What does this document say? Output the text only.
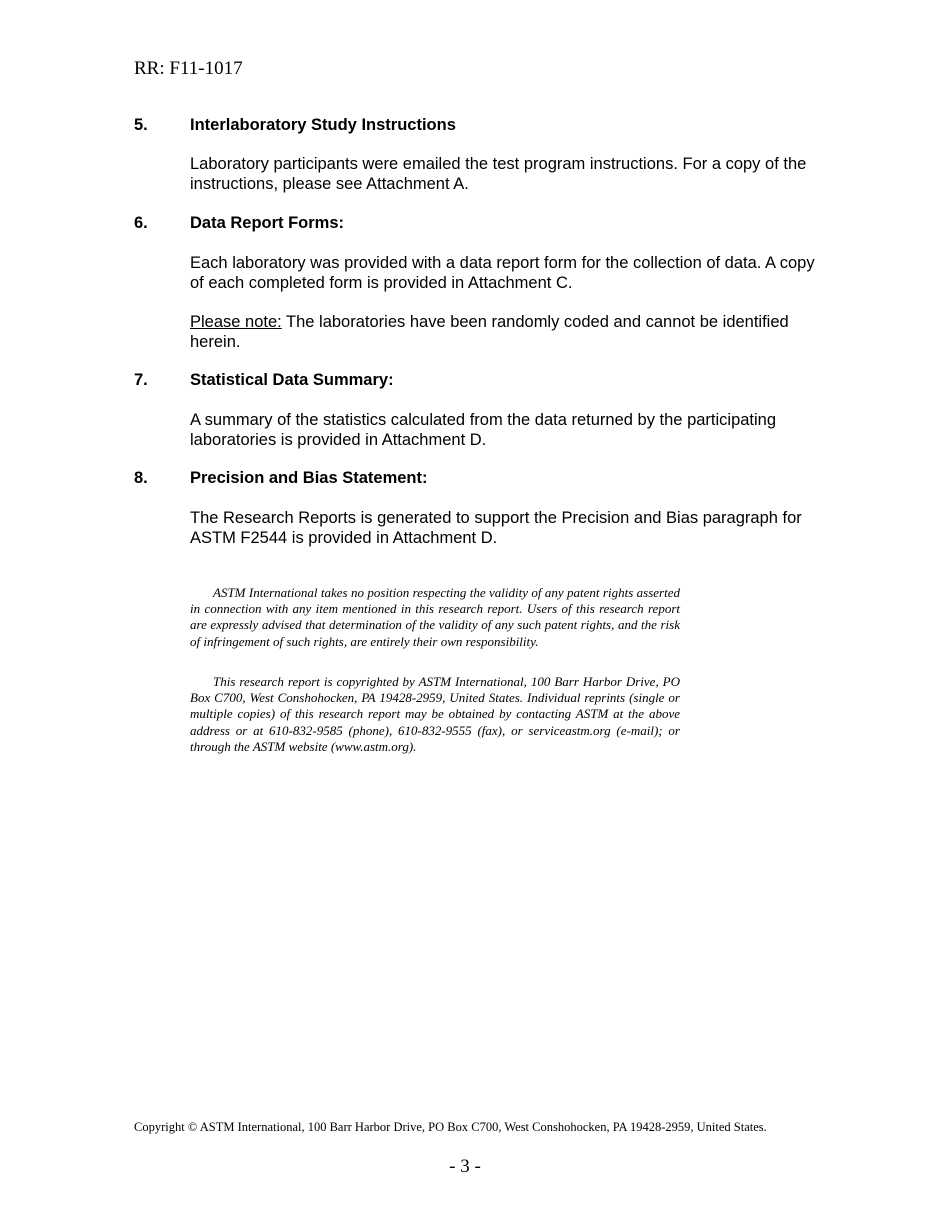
RR: F11-1017
5.	Interlaboratory Study Instructions
Laboratory participants were emailed the test program instructions. For a copy of the instructions, please see Attachment A.
6.	Data Report Forms:
Each laboratory was provided with a data report form for the collection of data. A copy of each completed form is provided in Attachment C.
Please note: The laboratories have been randomly coded and cannot be identified herein.
7.	Statistical Data Summary:
A summary of the statistics calculated from the data returned by the participating laboratories is provided in Attachment D.
8.	Precision and Bias Statement:
The Research Reports is generated to support the Precision and Bias paragraph for ASTM F2544 is provided in Attachment D.
ASTM International takes no position respecting the validity of any patent rights asserted in connection with any item mentioned in this research report. Users of this research report are expressly advised that determination of the validity of any such patent rights, and the risk of infringement of such rights, are entirely their own responsibility.
This research report is copyrighted by ASTM International, 100 Barr Harbor Drive, PO Box C700, West Conshohocken, PA 19428-2959, United States. Individual reprints (single or multiple copies) of this research report may be obtained by contacting ASTM at the above address or at 610-832-9585 (phone), 610-832-9555 (fax), or serviceastm.org (e-mail); or through the ASTM website (www.astm.org).
Copyright © ASTM International, 100 Barr Harbor Drive, PO Box C700, West Conshohocken, PA 19428-2959, United States.
- 3 -
